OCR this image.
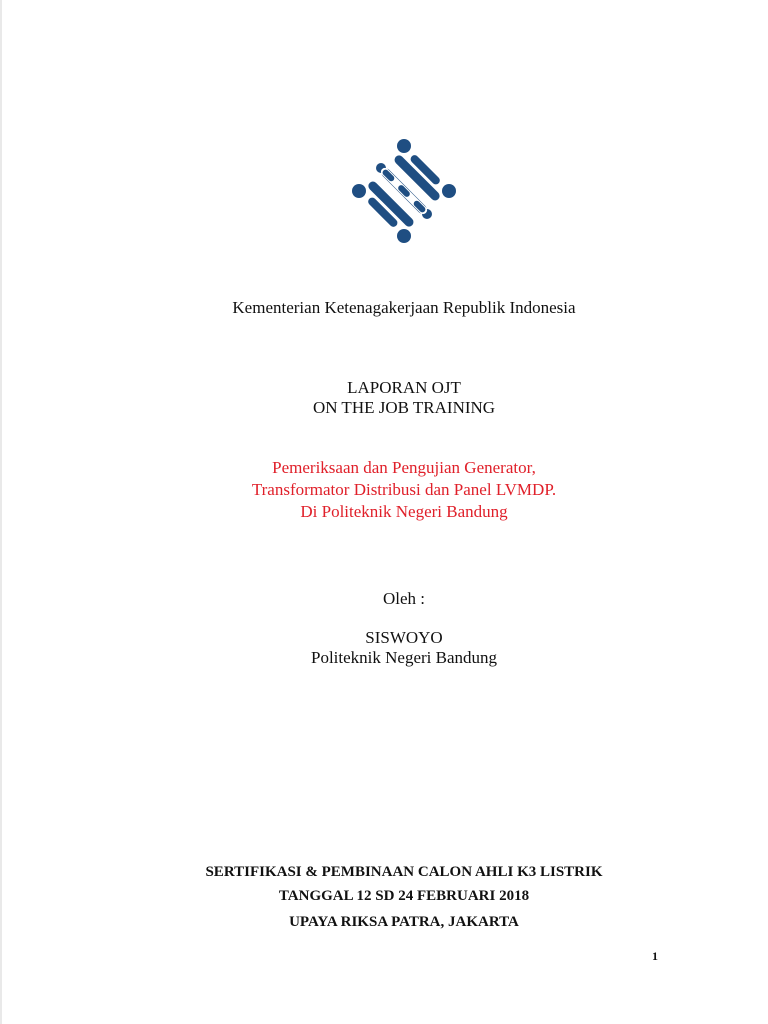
Kementerian Ketenagakerjaan Republik Indonesia
LAPORAN OJT
ON THE JOB TRAINING
Pemeriksaan dan Pengujian Generator,
Transformator Distribusi dan Panel LVMDP.
Di Politeknik Negeri Bandung
Oleh :
SISWOYO
Politeknik Negeri Bandung
SERTIFIKASI & PEMBINAAN CALON AHLI K3 LISTRIK
TANGGAL 12 SD 24 FEBRUARI 2018
UPAYA RIKSA PATRA, JAKARTA
1
